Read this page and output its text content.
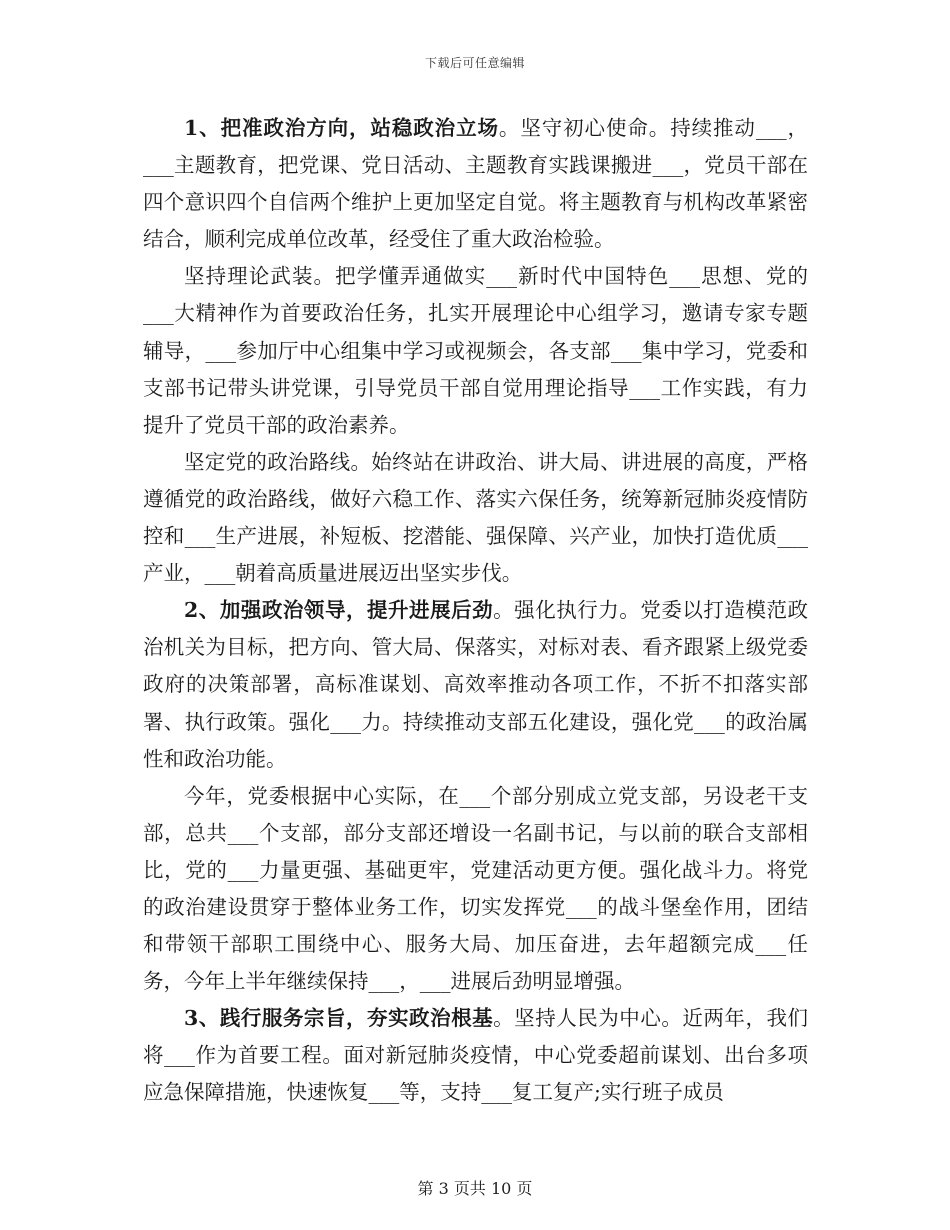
下载后可任意编辑

1、把准政治方向，站稳政治立场。坚守初心使命。持续推动___，___主题教育，把党课、党日活动、主题教育实践课搬进___，党员干部在四个意识四个自信两个维护上更加坚定自觉。将主题教育与机构改革紧密结合，顺利完成单位改革，经受住了重大政治检验。

坚持理论武装。把学懂弄通做实___新时代中国特色___思想、党的___大精神作为首要政治任务，扎实开展理论中心组学习，邀请专家专题辅导，___参加厅中心组集中学习或视频会，各支部___集中学习，党委和支部书记带头讲党课，引导党员干部自觉用理论指导___工作实践，有力提升了党员干部的政治素养。

坚定党的政治路线。始终站在讲政治、讲大局、讲进展的高度，严格遵循党的政治路线，做好六稳工作、落实六保任务，统筹新冠肺炎疫情防控和___生产进展，补短板、挖潜能、强保障、兴产业，加快打造优质___产业，___朝着高质量进展迈出坚实步伐。

2、加强政治领导，提升进展后劲。强化执行力。党委以打造模范政治机关为目标，把方向、管大局、保落实，对标对表、看齐跟紧上级党委政府的决策部署，高标准谋划、高效率推动各项工作，不折不扣落实部署、执行政策。强化___力。持续推动支部五化建设，强化党___的政治属性和政治功能。

今年，党委根据中心实际，在___个部分别成立党支部，另设老干支部，总共___个支部，部分支部还增设一名副书记，与以前的联合支部相比，党的___力量更强、基础更牢，党建活动更方便。强化战斗力。将党的政治建设贯穿于整体业务工作，切实发挥党___的战斗堡垒作用，团结和带领干部职工围绕中心、服务大局、加压奋进，去年超额完成___任务，今年上半年继续保持___，___进展后劲明显增强。

3、践行服务宗旨，夯实政治根基。坚持人民为中心。近两年，我们将___作为首要工程。面对新冠肺炎疫情，中心党委超前谋划、出台多项应急保障措施，快速恢复___等，支持___复工复产;实行班子成员

第 3 页共 10 页
